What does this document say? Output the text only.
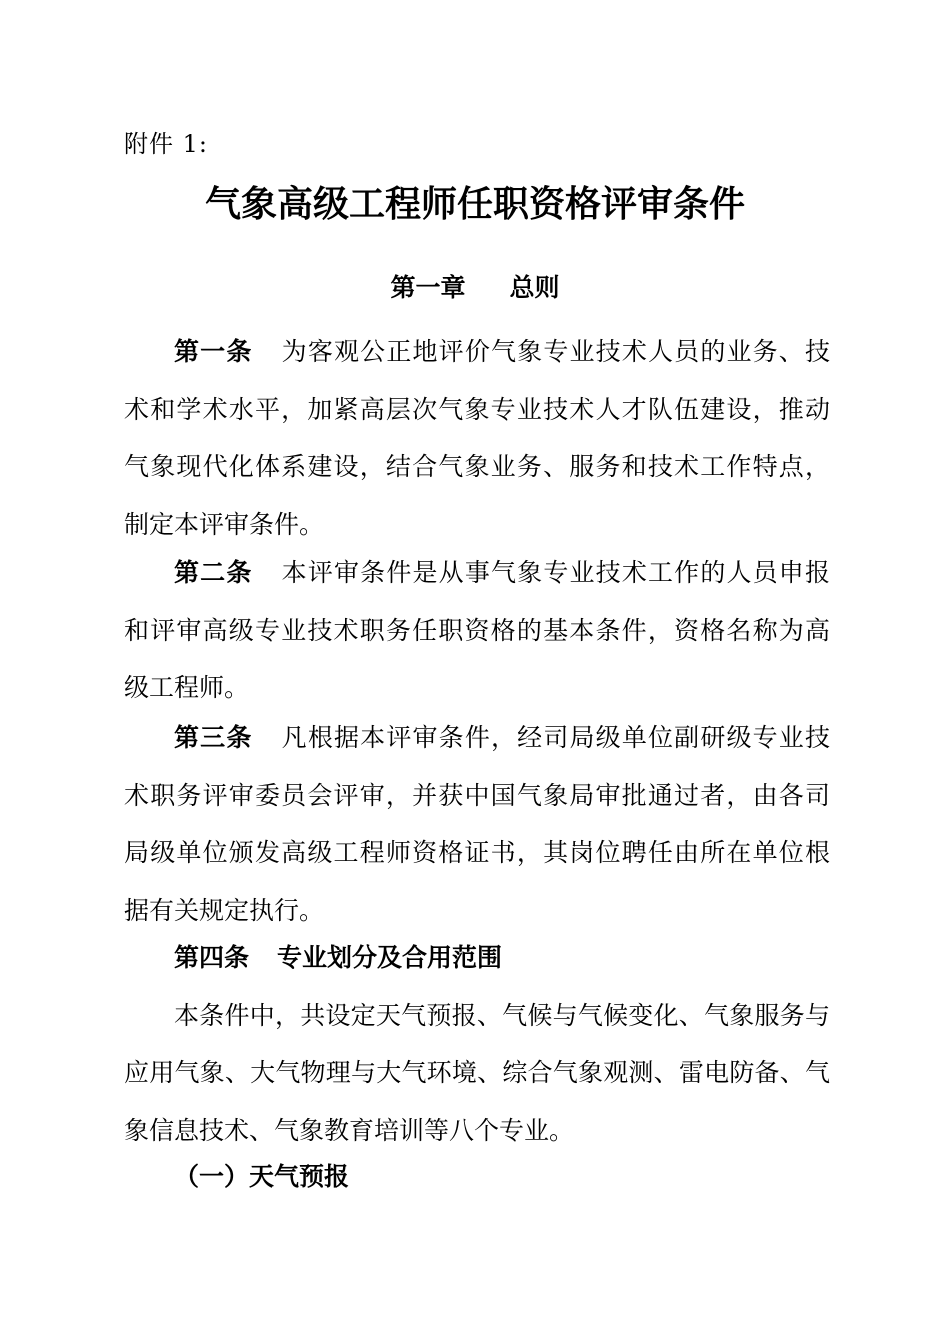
附件 1:
气象高级工程师任职资格评审条件
第一章 总则
第一条 为客观公正地评价气象专业技术人员的业务、技
术和学术水平，加紧高层次气象专业技术人才队伍建设，推动
气象现代化体系建设，结合气象业务、服务和技术工作特点，
制定本评审条件。
第二条 本评审条件是从事气象专业技术工作的人员申报
和评审高级专业技术职务任职资格的基本条件，资格名称为高
级工程师。
第三条 凡根据本评审条件，经司局级单位副研级专业技
术职务评审委员会评审，并获中国气象局审批通过者，由各司
局级单位颁发高级工程师资格证书，其岗位聘任由所在单位根
据有关规定执行。
第四条 专业划分及合用范围
本条件中，共设定天气预报、气候与气候变化、气象服务与
应用气象、大气物理与大气环境、综合气象观测、雷电防备、气
象信息技术、气象教育培训等八个专业。
（一）天气预报
